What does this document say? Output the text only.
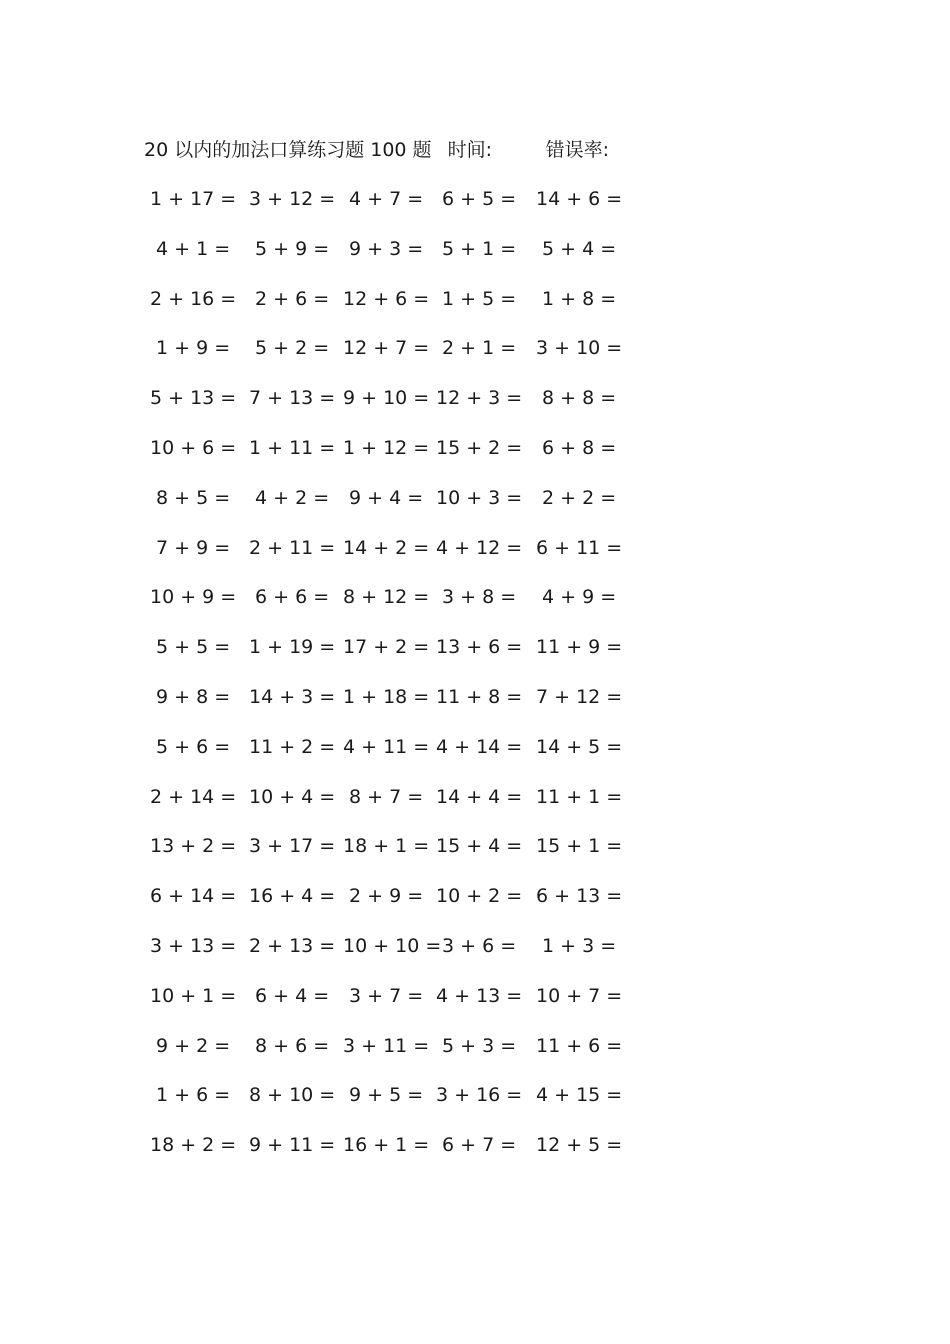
20 以内的加法口算练习题 100 题 时间:	错误率:
1 + 17 = 3 + 12 = 4 + 7 = 6 + 5 = 14 + 6 =
4 + 1 = 5 + 9 = 9 + 3 = 5 + 1 = 5 + 4 =
2 + 16 = 2 + 6 = 12 + 6 = 1 + 5 = 1 + 8 =
1 + 9 = 5 + 2 = 12 + 7 = 2 + 1 = 3 + 10 =
5 + 13 = 7 + 13 = 9 + 10 = 12 + 3 = 8 + 8 =
10 + 6 = 1 + 11 = 1 + 12 = 15 + 2 = 6 + 8 =
8 + 5 = 4 + 2 = 9 + 4 = 10 + 3 = 2 + 2 =
7 + 9 = 2 + 11 = 14 + 2 = 4 + 12 = 6 + 11 =
10 + 9 = 6 + 6 = 8 + 12 = 3 + 8 = 4 + 9 =
5 + 5 = 1 + 19 = 17 + 2 = 13 + 6 = 11 + 9 =
9 + 8 = 14 + 3 = 1 + 18 = 11 + 8 = 7 + 12 =
5 + 6 = 11 + 2 = 4 + 11 = 4 + 14 = 14 + 5 =
2 + 14 = 10 + 4 = 8 + 7 = 14 + 4 = 11 + 1 =
13 + 2 = 3 + 17 = 18 + 1 = 15 + 4 = 15 + 1 =
6 + 14 = 16 + 4 = 2 + 9 = 10 + 2 = 6 + 13 =
3 + 13 = 2 + 13 = 10 + 10 = 3 + 6 = 1 + 3 =
10 + 1 = 6 + 4 = 3 + 7 = 4 + 13 = 10 + 7 =
9 + 2 = 8 + 6 = 3 + 11 = 5 + 3 = 11 + 6 =
1 + 6 = 8 + 10 = 9 + 5 = 3 + 16 = 4 + 15 =
18 + 2 = 9 + 11 = 16 + 1 = 6 + 7 = 12 + 5 =
